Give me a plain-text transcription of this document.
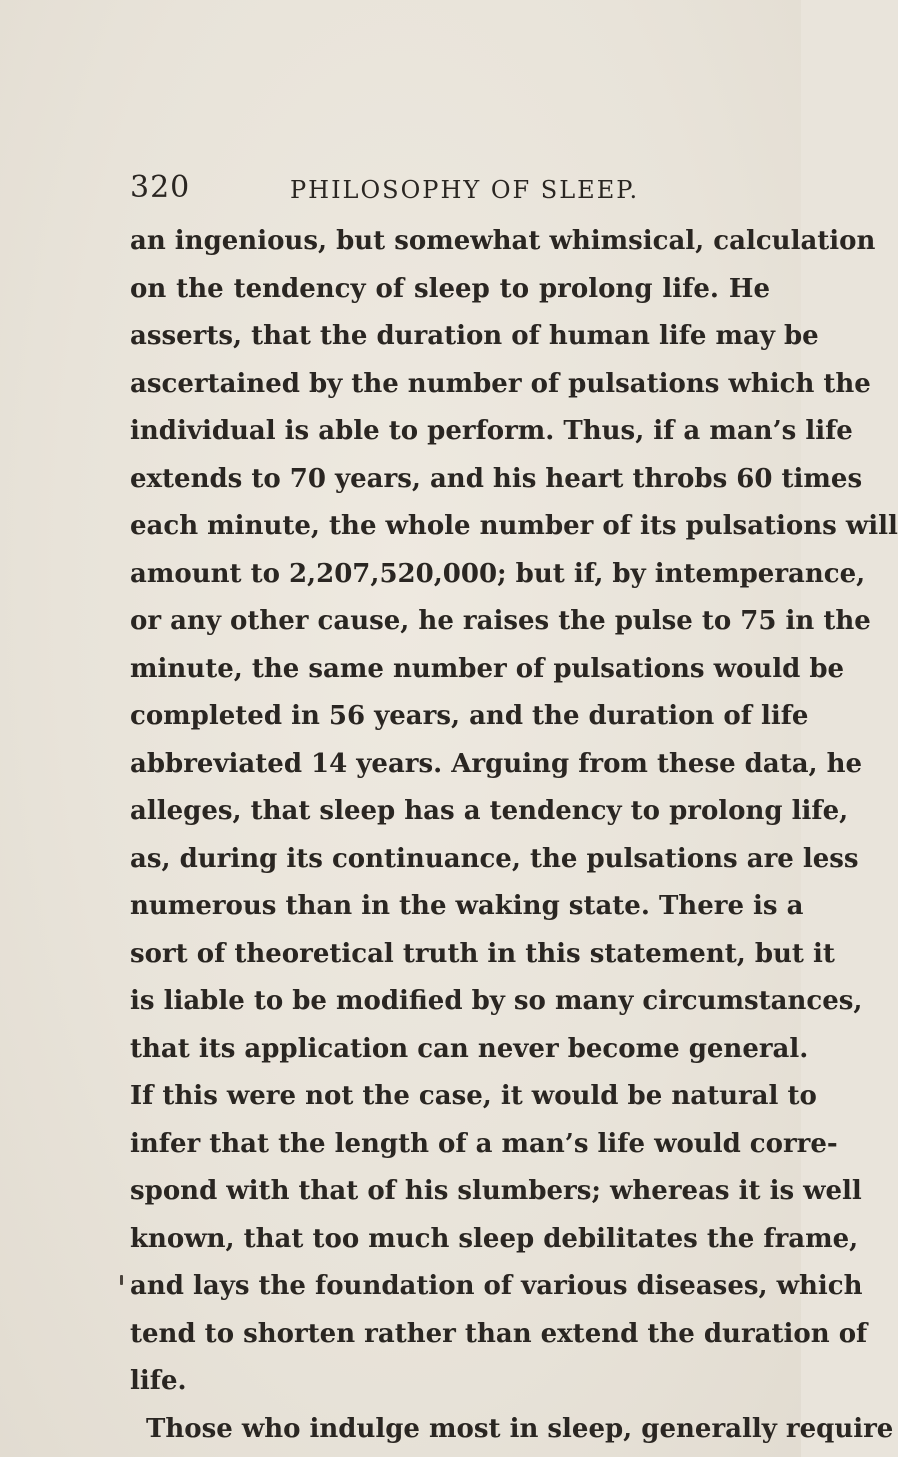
320	PHILOSOPHY OF SLEEP.
an ingenious, but somewhat whimsical, calculation
on the tendency of sleep to prolong life. He
asserts, that the duration of human life may be
ascertained by the number of pulsations which the
individual is able to perform. Thus, if a man’s life
extends to 70 years, and his heart throbs 60 times
each minute, the whole number of its pulsations will
amount to 2,207,520,000; but if, by intemperance,
or any other cause, he raises the pulse to 75 in the
minute, the same number of pulsations would be
completed in 56 years, and the duration of life
abbreviated 14 years. Arguing from these data, he
alleges, that sleep has a tendency to prolong life,
as, during its continuance, the pulsations are less
numerous than in the waking state. There is a
sort of theoretical truth in this statement, but it
is liable to be modified by so many circumstances,
that its application can never become general.
If this were not the case, it would be natural to
infer that the length of a man’s life would corre-
spond with that of his slumbers; whereas it is well
known, that too much sleep debilitates the frame,
and lays the foundation of various diseases, which
tend to shorten rather than extend the duration of
life.
Those who indulge most in sleep, generally require
